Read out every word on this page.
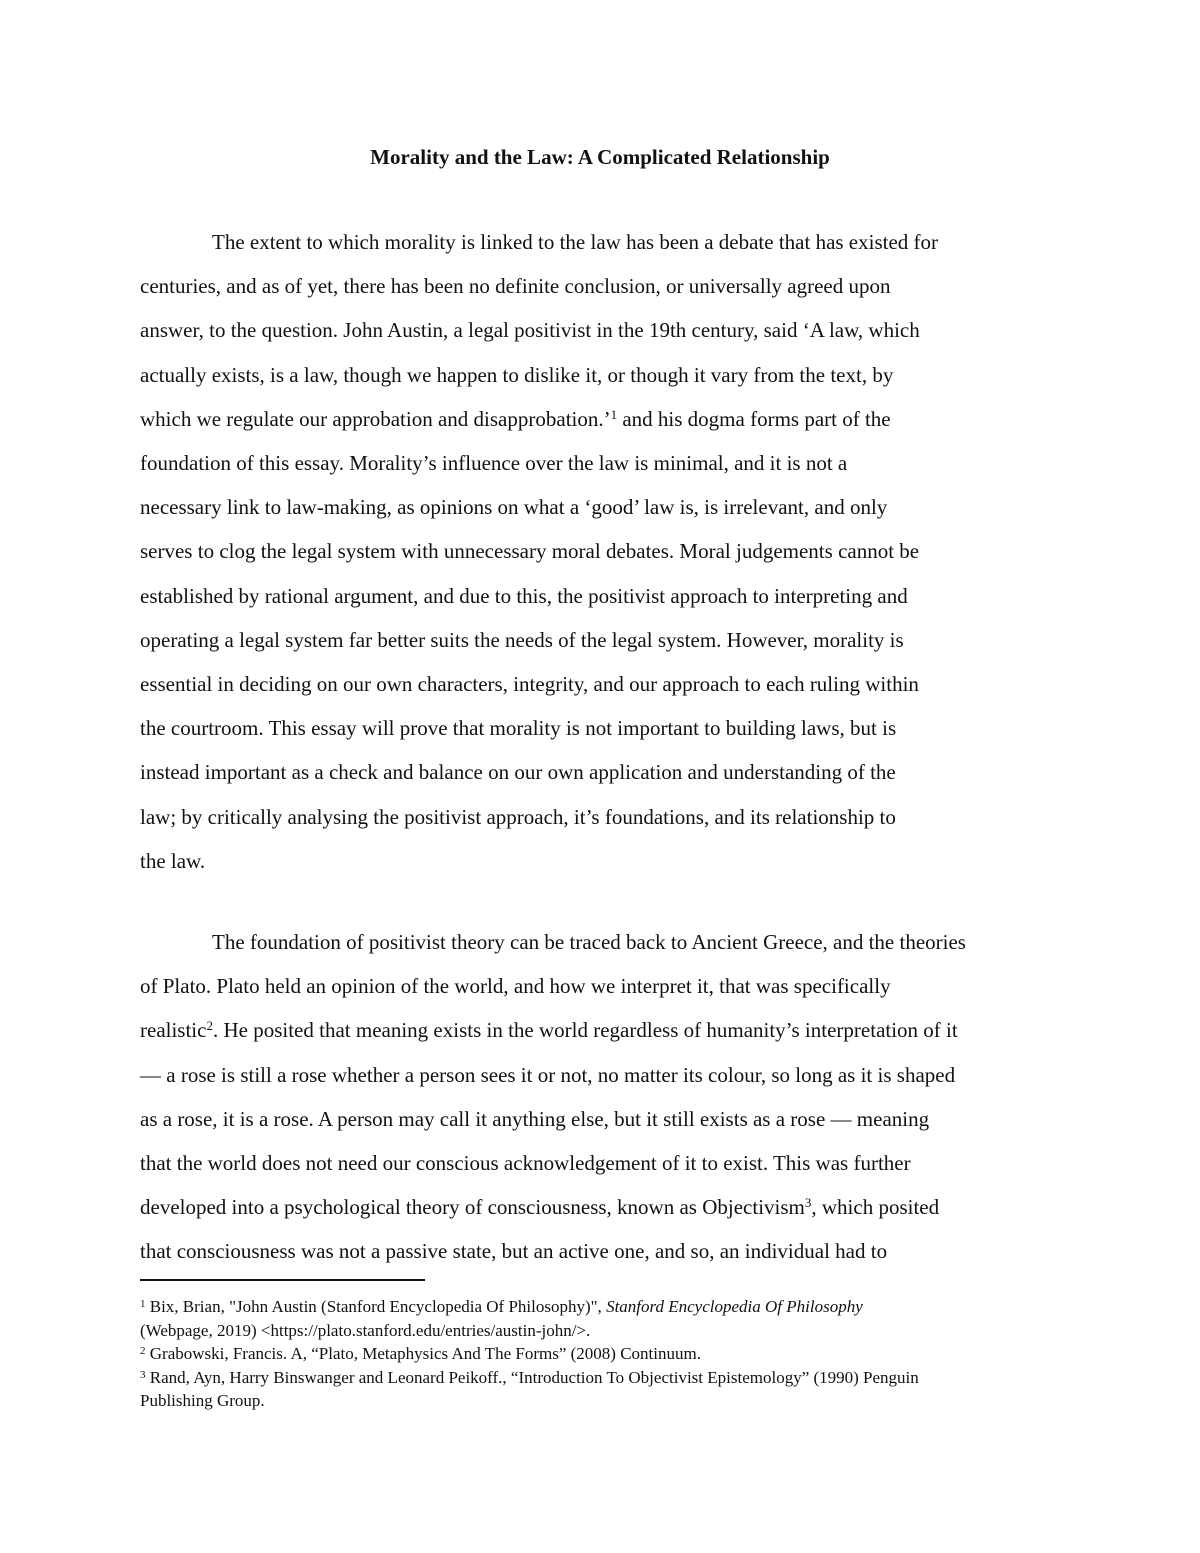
Morality and the Law: A Complicated Relationship

The extent to which morality is linked to the law has been a debate that has existed for
centuries, and as of yet, there has been no definite conclusion, or universally agreed upon
answer, to the question. John Austin, a legal positivist in the 19th century, said ‘A law, which
actually exists, is a law, though we happen to dislike it, or though it vary from the text, by
which we regulate our approbation and disapprobation.’$^1$ and his dogma forms part of the
foundation of this essay. Morality’s influence over the law is minimal, and it is not a
necessary link to law-making, as opinions on what a ‘good’ law is, is irrelevant, and only
serves to clog the legal system with unnecessary moral debates. Moral judgements cannot be
established by rational argument, and due to this, the positivist approach to interpreting and
operating a legal system far better suits the needs of the legal system. However, morality is
essential in deciding on our own characters, integrity, and our approach to each ruling within
the courtroom. This essay will prove that morality is not important to building laws, but is
instead important as a check and balance on our own application and understanding of the
law; by critically analysing the positivist approach, it’s foundations, and its relationship to
the law.

The foundation of positivist theory can be traced back to Ancient Greece, and the theories
of Plato. Plato held an opinion of the world, and how we interpret it, that was specifically
realistic$^2$. He posited that meaning exists in the world regardless of humanity’s interpretation of it
— a rose is still a rose whether a person sees it or not, no matter its colour, so long as it is shaped
as a rose, it is a rose. A person may call it anything else, but it still exists as a rose — meaning
that the world does not need our conscious acknowledgement of it to exist. This was further
developed into a psychological theory of consciousness, known as Objectivism$^3$, which posited
that consciousness was not a passive state, but an active one, and so, an individual had to

$^1$ Bix, Brian, "John Austin (Stanford Encyclopedia Of Philosophy)", Stanford Encyclopedia Of Philosophy
(Webpage, 2019) <https://plato.stanford.edu/entries/austin-john/>.
$^2$ Grabowski, Francis. A, “Plato, Metaphysics And The Forms” (2008) Continuum.
$^3$ Rand, Ayn, Harry Binswanger and Leonard Peikoff., “Introduction To Objectivist Epistemology” (1990) Penguin
Publishing Group.
